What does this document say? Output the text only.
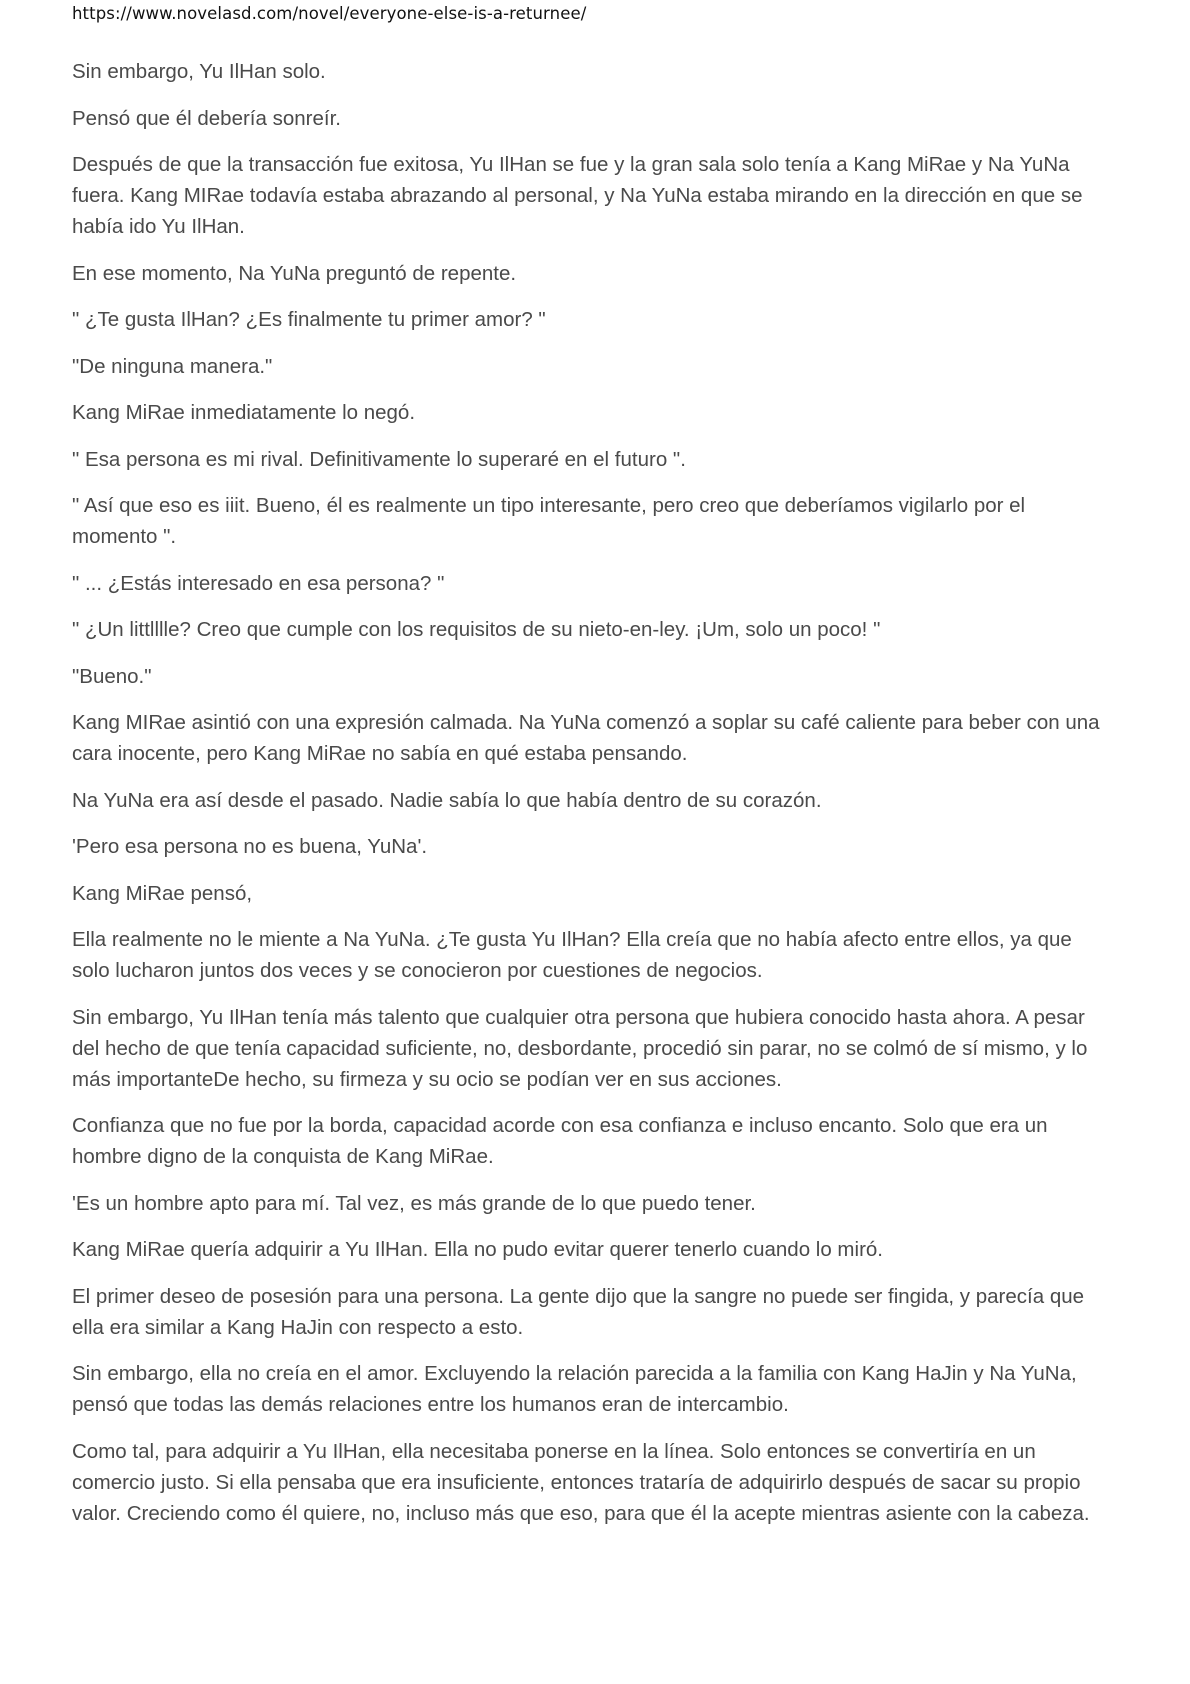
https://www.novelasd.com/novel/everyone-else-is-a-returnee/

Sin embargo, Yu IlHan solo.

Pensó que él debería sonreír.

Después de que la transacción fue exitosa, Yu IlHan se fue y la gran sala solo tenía a Kang MiRae y Na YuNa fuera. Kang MIRae todavía estaba abrazando al personal, y Na YuNa estaba mirando en la dirección en que se había ido Yu IlHan.

En ese momento, Na YuNa preguntó de repente.

" ¿Te gusta IlHan? ¿Es finalmente tu primer amor? "

"De ninguna manera."

Kang MiRae inmediatamente lo negó.

" Esa persona es mi rival. Definitivamente lo superaré en el futuro ".

" Así que eso es iiit. Bueno, él es realmente un tipo interesante, pero creo que deberíamos vigilarlo por el momento ".

" ... ¿Estás interesado en esa persona? "

" ¿Un littlllle? Creo que cumple con los requisitos de su nieto-en-ley. ¡Um, solo un poco! "

"Bueno."

Kang MIRae asintió con una expresión calmada. Na YuNa comenzó a soplar su café caliente para beber con una cara inocente, pero Kang MiRae no sabía en qué estaba pensando.

Na YuNa era así desde el pasado. Nadie sabía lo que había dentro de su corazón.

'Pero esa persona no es buena, YuNa'.

Kang MiRae pensó,

Ella realmente no le miente a Na YuNa. ¿Te gusta Yu IlHan? Ella creía que no había afecto entre ellos, ya que solo lucharon juntos dos veces y se conocieron por cuestiones de negocios.

Sin embargo, Yu IlHan tenía más talento que cualquier otra persona que hubiera conocido hasta ahora. A pesar del hecho de que tenía capacidad suficiente, no, desbordante, procedió sin parar, no se colmó de sí mismo, y lo más importanteDe hecho, su firmeza y su ocio se podían ver en sus acciones.

Confianza que no fue por la borda, capacidad acorde con esa confianza e incluso encanto. Solo que era un hombre digno de la conquista de Kang MiRae.

'Es un hombre apto para mí. Tal vez, es más grande de lo que puedo tener.

Kang MiRae quería adquirir a Yu IlHan. Ella no pudo evitar querer tenerlo cuando lo miró.

El primer deseo de posesión para una persona. La gente dijo que la sangre no puede ser fingida, y parecía que ella era similar a Kang HaJin con respecto a esto.

Sin embargo, ella no creía en el amor. Excluyendo la relación parecida a la familia con Kang HaJin y Na YuNa, pensó que todas las demás relaciones entre los humanos eran de intercambio.

Como tal, para adquirir a Yu IlHan, ella necesitaba ponerse en la línea. Solo entonces se convertiría en un comercio justo. Si ella pensaba que era insuficiente, entonces trataría de adquirirlo después de sacar su propio valor. Creciendo como él quiere, no, incluso más que eso, para que él la acepte mientras asiente con la cabeza.
